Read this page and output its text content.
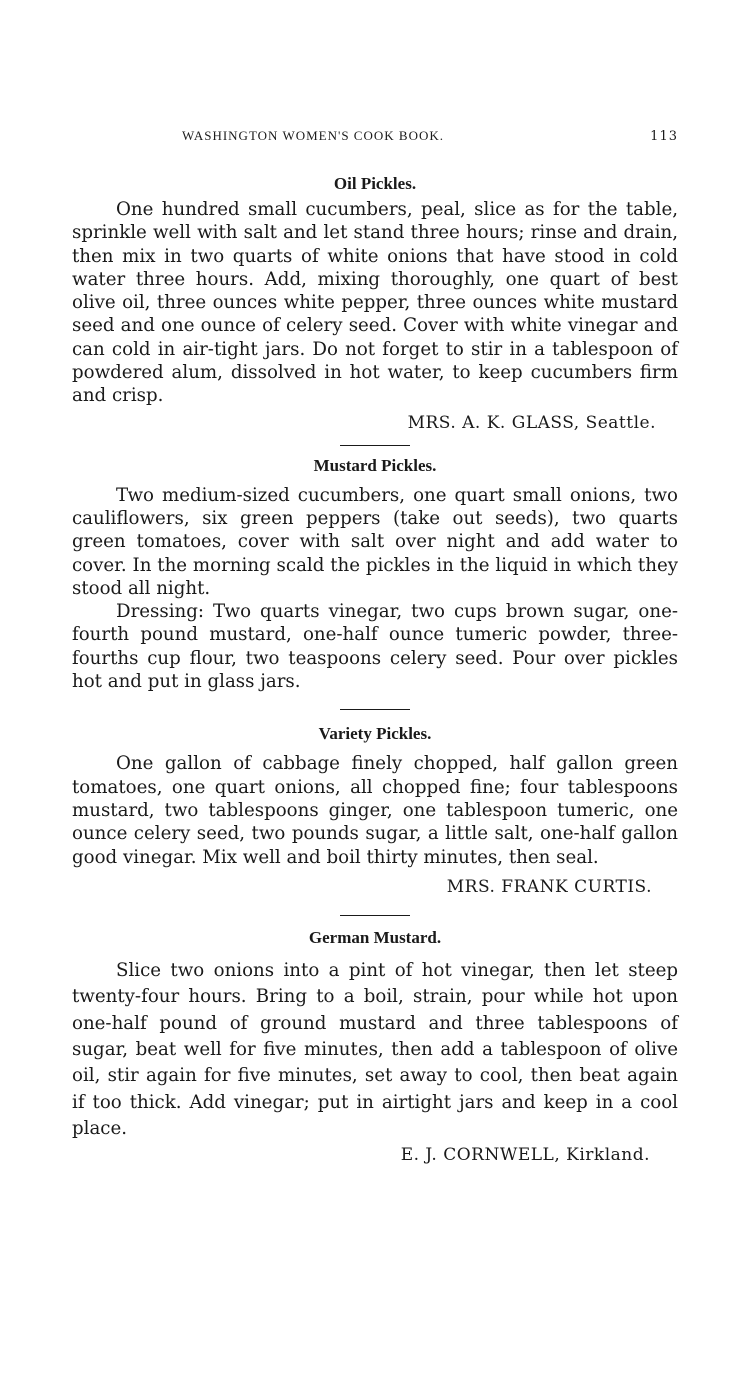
WASHINGTON WOMEN'S COOK BOOK.	113
Oil Pickles.

One hundred small cucumbers, peal, slice as for the table, sprinkle well with salt and let stand three hours; rinse and drain, then mix in two quarts of white onions that have stood in cold water three hours. Add, mixing thoroughly, one quart of best olive oil, three ounces white pepper, three ounces white mustard seed and one ounce of celery seed. Cover with white vinegar and can cold in air-tight jars. Do not forget to stir in a tablespoon of powdered alum, dissolved in hot water, to keep cucumbers firm and crisp.

MRS. A. K. GLASS, Seattle.
Mustard Pickles.

Two medium-sized cucumbers, one quart small onions, two cauliflowers, six green peppers (take out seeds), two quarts green tomatoes, cover with salt over night and add water to cover. In the morning scald the pickles in the liquid in which they stood all night.

Dressing: Two quarts vinegar, two cups brown sugar, one-fourth pound mustard, one-half ounce tumeric powder, three-fourths cup flour, two teaspoons celery seed. Pour over pickles hot and put in glass jars.

Variety Pickles.

One gallon of cabbage finely chopped, half gallon green tomatoes, one quart onions, all chopped fine; four tablespoons mustard, two tablespoons ginger, one tablespoon tumeric, one ounce celery seed, two pounds sugar, a little salt, one-half gallon good vinegar. Mix well and boil thirty minutes, then seal.

MRS. FRANK CURTIS.
German Mustard.

Slice two onions into a pint of hot vinegar, then let steep twenty-four hours. Bring to a boil, strain, pour while hot upon one-half pound of ground mustard and three tablespoons of sugar, beat well for five minutes, then add a tablespoon of olive oil, stir again for five minutes, set away to cool, then beat again if too thick. Add vinegar; put in airtight jars and keep in a cool place.

E. J. CORNWELL, Kirkland.
